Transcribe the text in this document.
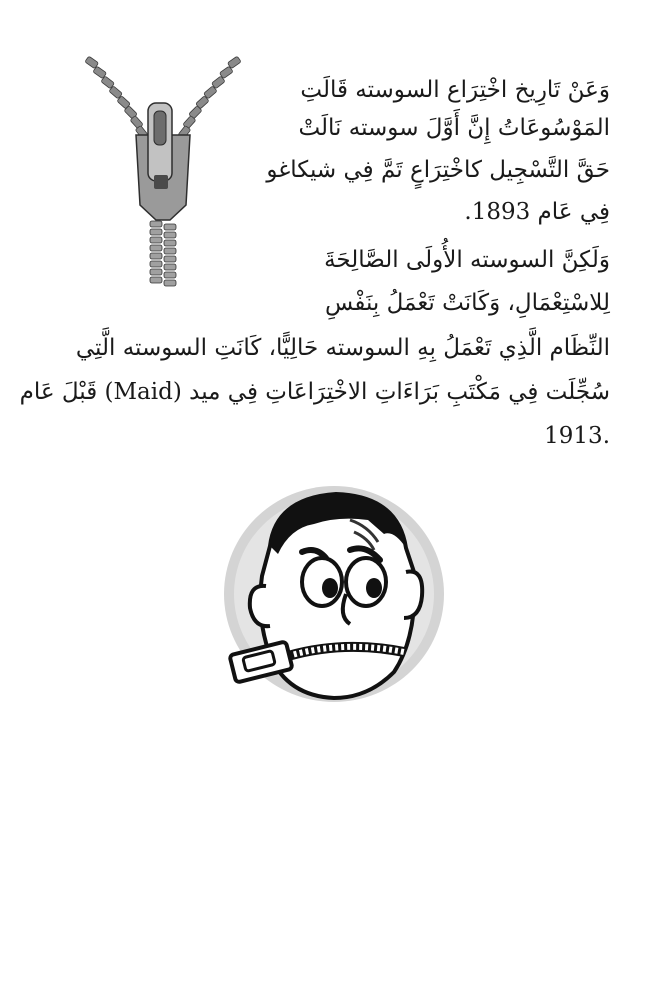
وَعَنْ تَارِيخ اخْتِرَاع السوسته قَالَتِ

المَوْسُوعَاتُ إِنَّ أَوَّلَ سوسته نَالَتْ

حَقَّ التَّسْجِيل كاخْتِرَاعٍ تَمَّ فِي شيكاغو

فِي عَام 1893.

وَلَكِنَّ السوسته الأُولَى الصَّالِحَةَ

لِلاسْتِعْمَالِ، وَكَانَتْ تَعْمَلُ بِنَفْسِ

النِّظَام الَّذِي تَعْمَلُ بِهِ السوسته حَالِيًّا، كَانَتِ السوسته الَّتِي

سُجِّلَت فِي مَكْتَبِ بَرَاءَاتِ الاخْتِرَاعَاتِ فِي ميد (Maid) قَبْلَ عَام

.1913
